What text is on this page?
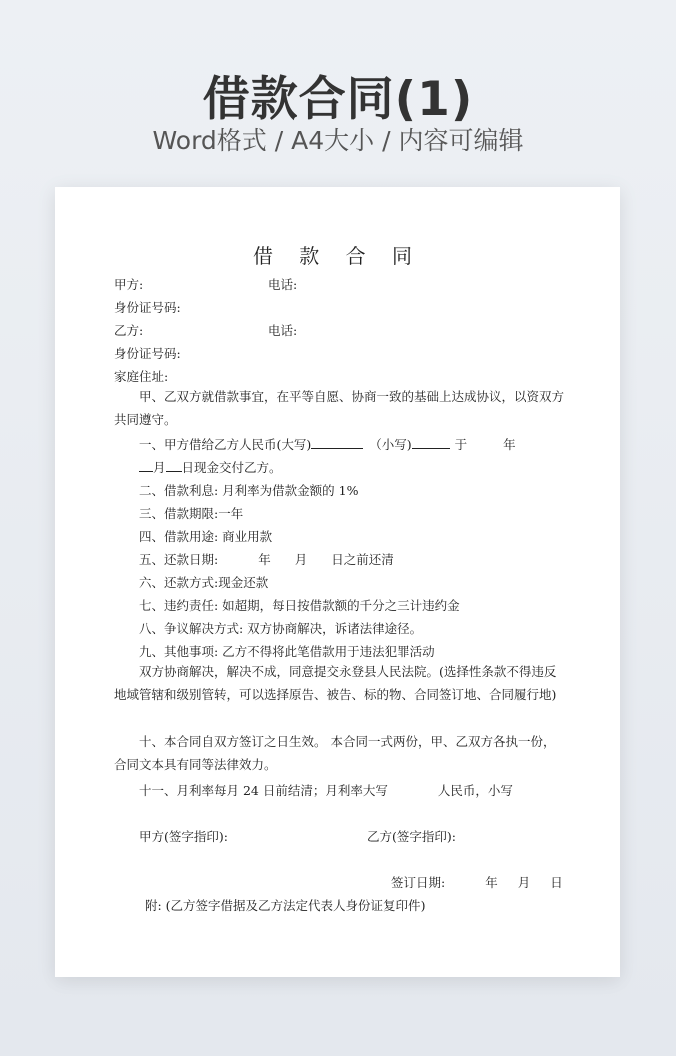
借款合同(1)
Word格式 / A4大小 / 内容可编辑
借 款 合 同
甲方:	电话:
身份证号码:
乙方:	电话:
身份证号码:
家庭住址:
甲、乙双方就借款事宜，在平等自愿、协商一致的基础上达成协议，以资双方共同遵守。
一、甲方借给乙方人民币(大写)	（小写)	于	年
月 日现金交付乙方。
二、借款利息: 月利率为借款金额的 1%
三、借款期限:一年
四、借款用途: 商业用款
五、还款日期:	年 月 日之前还清
六、还款方式:现金还款
七、违约责任: 如超期，每日按借款额的千分之三计违约金
八、争议解决方式: 双方协商解决，诉诸法律途径。
九、其他事项: 乙方不得将此笔借款用于违法犯罪活动
双方协商解决，解决不成，同意提交永登县人民法院。(选择性条款不得违反地域管辖和级别管转，可以选择原告、被告、标的物、合同签订地、合同履行地)
十、本合同自双方签订之日生效。 本合同一式两份，甲、乙双方各执一份，合同文本具有同等法律效力。
十一、月利率每月 24 日前结清；月利率大写	人民币，小写
甲方(签字指印):	乙方(签字指印):
签订日期:	年 月 日
附: (乙方签字借据及乙方法定代表人身份证复印件)
